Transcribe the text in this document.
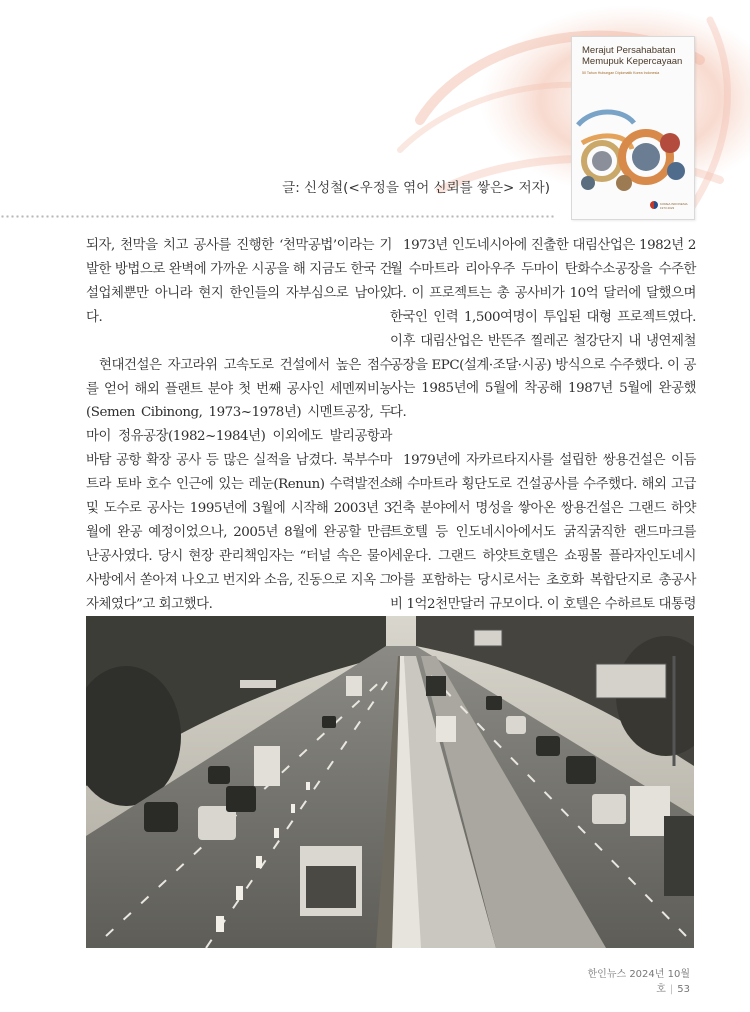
글: 신성철(<우정을 엮어 신뢰를 쌓은> 저자)
Merajut Persahabatan Memupuk Kepercayaan
50 Tahun Hubungan Diplomatik Korea Indonesia
KOREA INDONESIA 1973 2023

되자, 천막을 치고 공사를 진행한 ‘천막공법’이라는 기발한 방법으로 완벽에 가까운 시공을 해 지금도 한국 건설업체뿐만 아니라 현지 한인들의 자부심으로 남아있다.

현대건설은 자고라위 고속도로 건설에서 높은 점수를 얻어 해외 플랜트 분야 첫 번째 공사인 세멘찌비농(Semen Cibinong, 1973~1978년) 시멘트공장, 두마이 정유공장(1982~1984년) 이외에도 발리공항과 바탐 공항 확장 공사 등 많은 실적을 남겼다. 북부수마트라 토바 호수 인근에 있는 레눈(Renun) 수력발전소 및 도수로 공사는 1995년에 3월에 시작해 2003년 3월에 완공 예정이었으나, 2005년 8월에 완공할 만큼 난공사였다. 당시 현장 관리책임자는 “터널 속은 물이 사방에서 쏟아져 나오고 번지와 소음, 진동으로 지옥 그 자체였다”고 회고했다.

1973년 인도네시아에 진출한 대림산업은 1982년 2월 수마트라 리아우주 두마이 탄화수소공장을 수주한다. 이 프로젝트는 총 공사비가 10억 달러에 달했으며 한국인 인력 1,500여명이 투입된 대형 프로젝트였다. 이후 대림산업은 반뜬주 찔레곤 철강단지 내 냉연제철공장을 EPC(설계·조달·시공) 방식으로 수주했다. 이 공사는 1985년에 5월에 착공해 1987년 5월에 완공했다.

1979년에 자카르타지사를 설립한 쌍용건설은 이듬해 수마트라 횡단도로 건설공사를 수주했다. 해외 고급 건축 분야에서 명성을 쌓아온 쌍용건설은 그랜드 하얏트호텔 등 인도네시아에서도 굵직굵직한 랜드마크를 세운다. 그랜드 하얏트호텔은 쇼핑몰 플라자인도네시아를 포함하는 당시로서는 초호화 복합단지로 총공사비 1억2천만달러 규모이다. 이 호텔은 수하르토 대통령

한인뉴스 2024년 10월호 | 53
